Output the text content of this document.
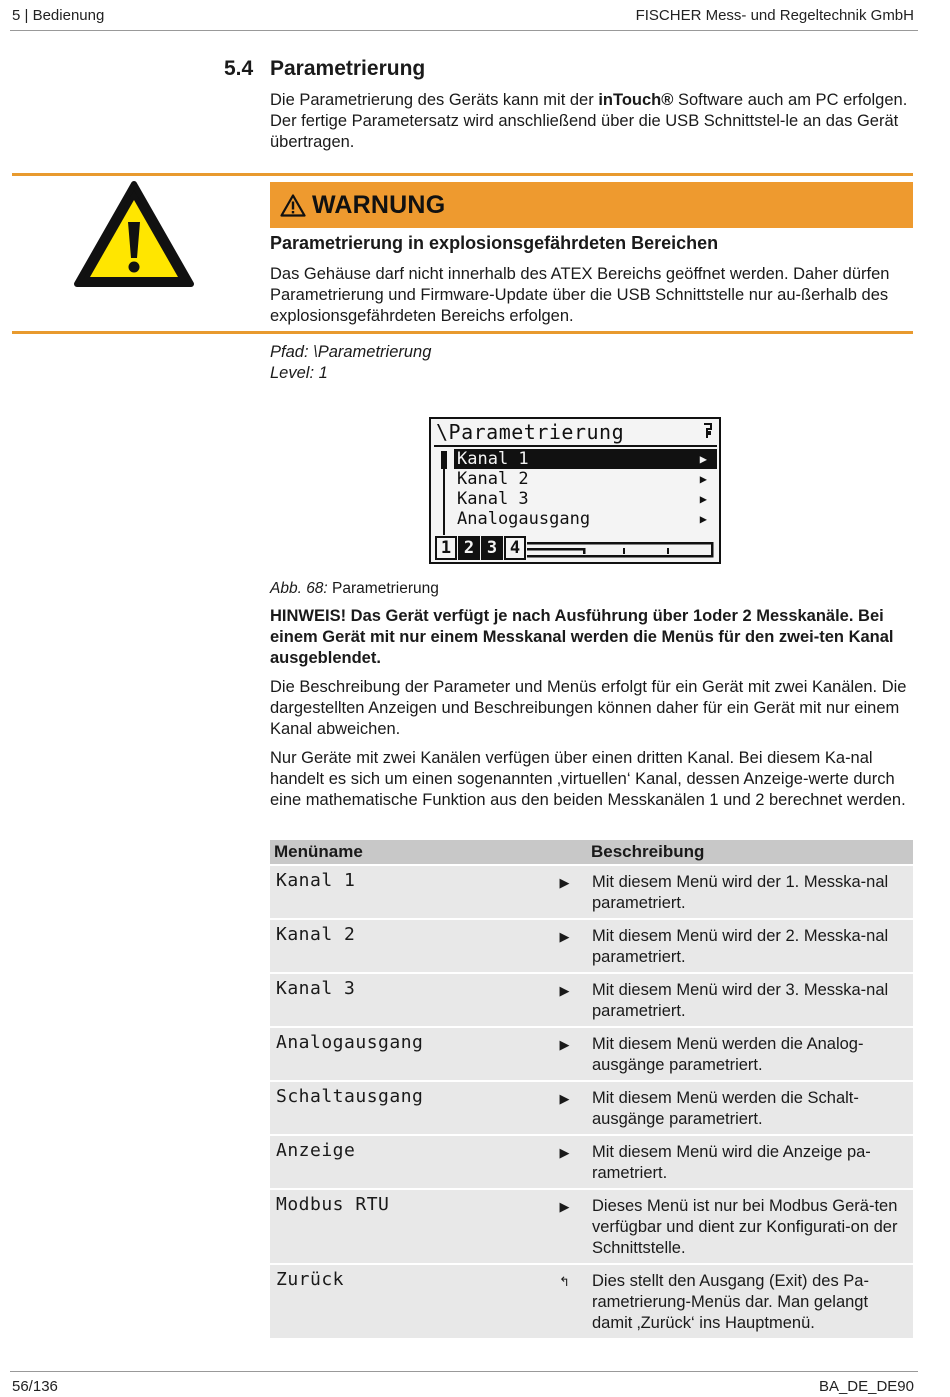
5 | Bedienung	FISCHER Mess- und Regeltechnik GmbH
5.4 Parametrierung

Die Parametrierung des Geräts kann mit der inTouch® Software auch am PC erfolgen. Der fertige Parametersatz wird anschließend über die USB Schnittstel-le an das Gerät übertragen.

WARNUNG
Parametrierung in explosionsgefährdeten Bereichen

Das Gehäuse darf nicht innerhalb des ATEX Bereichs geöffnet werden. Daher dürfen Parametrierung und Firmware-Update über die USB Schnittstelle nur au-ßerhalb des explosionsgefährdeten Bereichs erfolgen.

Pfad: \Parametrierung
Level: 1
\Parametrierung
Kanal 1	▶
Kanal 2	▶
Kanal 3	▶
Analogausgang	▶
1 2 3 4
Abb. 68: Parametrierung

HINWEIS! Das Gerät verfügt je nach Ausführung über 1oder 2 Messkanäle. Bei einem Gerät mit nur einem Messkanal werden die Menüs für den zwei-ten Kanal ausgeblendet.

Die Beschreibung der Parameter und Menüs erfolgt für ein Gerät mit zwei Kanälen. Die dargestellten Anzeigen und Beschreibungen können daher für ein Gerät mit nur einem Kanal abweichen.

Nur Geräte mit zwei Kanälen verfügen über einen dritten Kanal. Bei diesem Ka-nal handelt es sich um einen sogenannten ‚virtuellen‘ Kanal, dessen Anzeige-werte durch eine mathematische Funktion aus den beiden Messkanälen 1 und 2 berechnet werden.

Menüname		Beschreibung
Kanal 1	▶	Mit diesem Menü wird der 1. Messka-nal parametriert.
Kanal 2	▶	Mit diesem Menü wird der 2. Messka-nal parametriert.
Kanal 3	▶	Mit diesem Menü wird der 3. Messka-nal parametriert.
Analogausgang	▶	Mit diesem Menü werden die Analog-ausgänge parametriert.
Schaltausgang	▶	Mit diesem Menü werden die Schalt-ausgänge parametriert.
Anzeige	▶	Mit diesem Menü wird die Anzeige pa-rametriert.
Modbus RTU	▶	Dieses Menü ist nur bei Modbus Gerä-ten verfügbar und dient zur Konfigurati-on der Schnittstelle.
Zurück	↰	Dies stellt den Ausgang (Exit) des Pa-rametrierung-Menüs dar. Man gelangt damit ‚Zurück‘ ins Hauptmenü.
56/136	BA_DE_DE90
